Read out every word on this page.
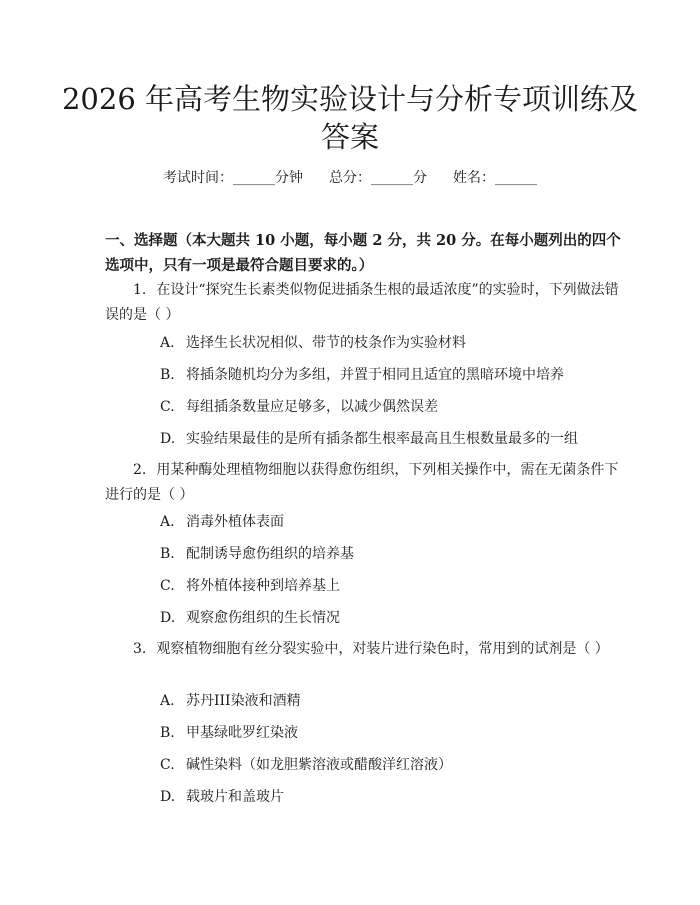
2026 年高考生物实验设计与分析专项训练及答案
考试时间：______分钟 总分：______分 姓名：______

一、选择题（本大题共 10 小题，每小题 2 分，共 20 分。在每小题列出的四个选项中，只有一项是最符合题目要求的。）

1. 在设计“探究生长素类似物促进插条生根的最适浓度”的实验时，下列做法错误的是（ ）

A. 选择生长状况相似、带节的枝条作为实验材料
B. 将插条随机均分为多组，并置于相同且适宜的黑暗环境中培养
C. 每组插条数量应足够多，以减少偶然误差
D. 实验结果最佳的是所有插条都生根率最高且生根数量最多的一组

2. 用某种酶处理植物细胞以获得愈伤组织，下列相关操作中，需在无菌条件下进行的是（ ）

A. 消毒外植体表面
B. 配制诱导愈伤组织的培养基
C. 将外植体接种到培养基上
D. 观察愈伤组织的生长情况

3. 观察植物细胞有丝分裂实验中，对装片进行染色时，常用到的试剂是（ ）

A. 苏丹III染液和酒精
B. 甲基绿吡罗红染液
C. 碱性染料（如龙胆紫溶液或醋酸洋红溶液）
D. 载玻片和盖玻片
